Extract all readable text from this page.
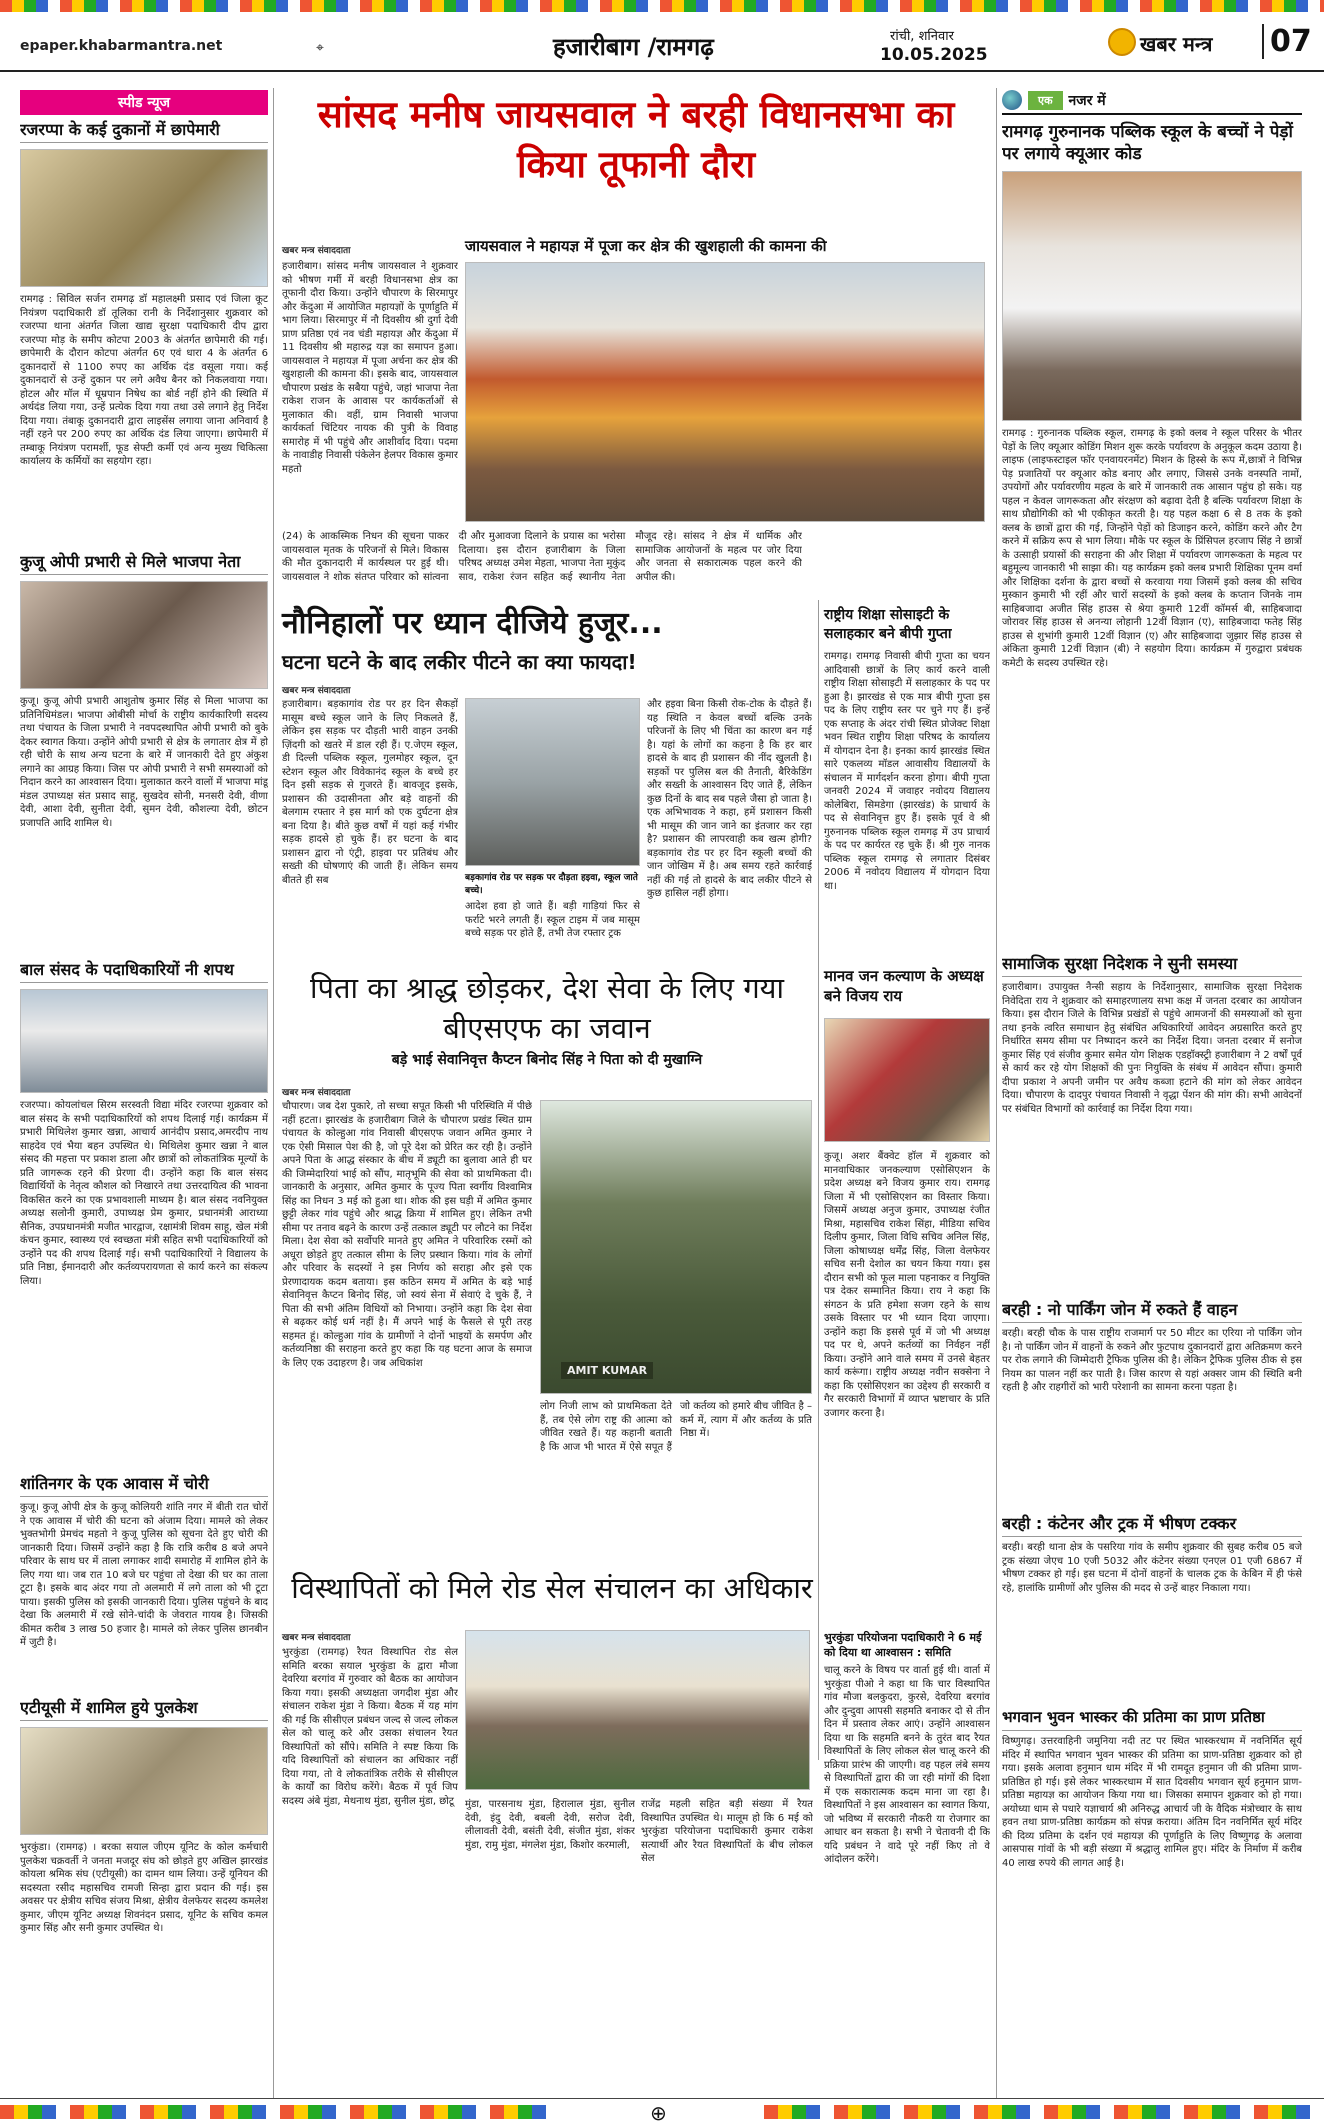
epaper.khabarmantra.net	⌖	हजारीबाग /रामगढ़	रांची, शनिवार
10.05.2025	खबर मन्त्र 07
स्पीड न्यूज
रजरप्पा के कई दुकानों में छापेमारी
रामगढ़ : सिविल सर्जन रामगढ़ डॉ महालक्ष्मी प्रसाद एवं जिला कूट नियंत्रण पदाधिकारी डॉ तूलिका रानी के निर्देशानुसार शुक्रवार को रजरप्पा थाना अंतर्गत जिला खाद्य सुरक्षा पदाधिकारी दीप द्वारा रजरप्पा मोड़ के समीप कोटपा 2003 के अंतर्गत छापेमारी की गई। छापेमारी के दौरान कोटपा अंतर्गत 6ए एवं धारा 4 के अंतर्गत 6 दुकानदारों से 1100 रुपए का अर्थिक दंड वसूला गया। कई दुकानदारों से उन्हें दुकान पर लगे अवैध बैनर को निकलवाया गया। होटल और मॉल में धूम्रपान निषेध का बोर्ड नहीं होने की स्थिति में अर्थदंड लिया गया, उन्हें प्रत्येक दिया गया तथा उसे लगाने हेतु निर्देश दिया गया। तंबाकू दुकानदारी द्वारा लाइसेंस लगाया जाना अनिवार्य है नहीं रहने पर 200 रुपए का अर्थिक दंड लिया जाएगा। छापेमारी में तम्बाकू नियंत्रण परामर्शी, फूड सेफ्टी कर्मी एवं अन्य मुख्य चिकित्सा कार्यालय के कर्मियों का सहयोग रहा।
कुजू ओपी प्रभारी से मिले भाजपा नेता
कुजू। कुजू ओपी प्रभारी आशुतोष कुमार सिंह से मिला भाजपा का प्रतिनिधिमंडल। भाजपा ओबीसी मोर्चा के राष्ट्रीय कार्यकारिणी सदस्य तथा पंचायत के जिला प्रभारी ने नवपदस्थापित ओपी प्रभारी को बुके देकर स्वागत किया। उन्होंने ओपी प्रभारी से क्षेत्र के लगातार क्षेत्र में हो रही चोरी के साथ अन्य घटना के बारे में जानकारी देते हुए अंकुश लगाने का आग्रह किया। जिस पर ओपी प्रभारी ने सभी समस्याओं को निदान करने का आश्वासन दिया। मुलाकात करने वालों में भाजपा मांडू मंडल उपाध्यक्ष संत प्रसाद साहू, सुखदेव सोनी, मनसरी देवी, वीणा देवी, आशा देवी, सुनीता देवी, सुमन देवी, कौशल्या देवी, छोटन प्रजापति आदि शामिल थे।
बाल संसद के पदाधिकारियों नी शपथ
रजरप्पा। कोयलांचल सिरम सरस्वती विद्या मंदिर रजरप्पा शुक्रवार को बाल संसद के सभी पदाधिकारियों को शपथ दिलाई गई। कार्यक्रम में प्रभारी मिथिलेश कुमार खन्ना, आचार्य आनंदीप प्रसाद,अमरदीप नाथ साहदेव एवं भैया बहन उपस्थित थे। मिथिलेश कुमार खन्ना ने बाल संसद की महत्ता पर प्रकाश डाला और छात्रों को लोकतांत्रिक मूल्यों के प्रति जागरूक रहने की प्रेरणा दी। उन्होंने कहा कि बाल संसद विद्यार्थियों के नेतृत्व कौशल को निखारने तथा उत्तरदायित्व की भावना विकसित करने का एक प्रभावशाली माध्यम है। बाल संसद नवनियुक्त अध्यक्ष सलोनी कुमारी, उपाध्यक्ष प्रेम कुमार, प्रधानमंत्री आराध्या सैनिक, उपप्रधानमंत्री मजीत भारद्वाज, रक्षामंत्री शिवम साहू, खेल मंत्री कंचन कुमार, स्वास्थ्य एवं स्वच्छता मंत्री सहित सभी पदाधिकारियों को उन्होंने पद की शपथ दिलाई गई। सभी पदाधिकारियों ने विद्यालय के प्रति निष्ठा, ईमानदारी और कर्तव्यपरायणता से कार्य करने का संकल्प लिया।
शांतिनगर के एक आवास में चोरी
कुजू। कुजू ओपी क्षेत्र के कुजू कोलियरी शांति नगर में बीती रात चोरों ने एक आवास में चोरी की घटना को अंजाम दिया। मामले को लेकर भुक्तभोगी प्रेमचंद महतो ने कुजू पुलिस को सूचना देते हुए चोरी की जानकारी दिया। जिसमें उन्होंने कहा है कि रात्रि करीब 8 बजे अपने परिवार के साथ घर में ताला लगाकर शादी समारोह में शामिल होने के लिए गया था। जब रात 10 बजे घर पहुंचा तो देखा की घर का ताला टूटा है। इसके बाद अंदर गया तो अलमारी में लगे ताला को भी टूटा पाया। इसकी पुलिस को इसकी जानकारी दिया। पुलिस पहुंचने के बाद देखा कि अलमारी में रखे सोने-चांदी के जेवरात गायब है। जिसकी कीमत करीब 3 लाख 50 हजार है। मामले को लेकर पुलिस छानबीन में जुटी है।
एटीयूसी में शामिल हुये पुलकेश
भुरकुंडा। (रामगढ़) । बरका सयाल जीएम यूनिट के कोल कर्मचारी पुलकेश चक्रवर्ती ने जनता मजदूर संघ को छोड़ते हुए अखिल झारखंड कोयला श्रमिक संघ (एटीयूसी) का दामन थाम लिया। उन्हें यूनियन की सदस्यता रसीद महासचिव रामजी सिन्हा द्वारा प्रदान की गई। इस अवसर पर क्षेत्रीय सचिव संजय मिश्रा, क्षेत्रीय वेलफेयर सदस्य कमलेश कुमार, जीएम यूनिट अध्यक्ष शिवनंदन प्रसाद, यूनिट के सचिव कमल कुमार सिंह और सनी कुमार उपस्थित थे।
सांसद मनीष जायसवाल ने बरही विधानसभा का किया तूफानी दौरा
जायसवाल ने महायज्ञ में पूजा कर क्षेत्र की खुशहाली की कामना की
खबर मन्त्र संवाददाता
हजारीबाग। सांसद मनीष जायसवाल ने शुक्रवार को भीषण गर्मी में बरही विधानसभा क्षेत्र का तूफानी दौरा किया। उन्होंने चौपारण के सिरमापुर और केंदुआ में आयोजित महायज्ञों के पूर्णाहुति में भाग लिया। सिरमापुर में नौ दिवसीय श्री दुर्गा देवी प्राण प्रतिष्ठा एवं नव चंडी महायज्ञ और केंदुआ में 11 दिवसीय श्री महारुद्र यज्ञ का समापन हुआ। जायसवाल ने महायज्ञ में पूजा अर्चना कर क्षेत्र की खुशहाली की कामना की। इसके बाद, जायसवाल चौपारण प्रखंड के सबैया पहुंचे, जहां भाजपा नेता राकेश राजन के आवास पर कार्यकर्ताओं से मुलाकात की। वहीं, ग्राम निवासी भाजपा कार्यकर्ता चिंटियर नायक की पुत्री के विवाह समारोह में भी पहुंचे और आशीर्वाद दिया। पदमा के नावाडीह निवासी पंकेलेन हेलपर विकास कुमार महतो
(24) के आकस्मिक निधन की सूचना पाकर जायसवाल मृतक के परिजनों से मिले। विकास की मौत दुकानदारी में कार्यस्थल पर हुई थी। जायसवाल ने शोक संतप्त परिवार को सांत्वना दी और मुआवजा दिलाने के प्रयास का भरोसा दिलाया। इस दौरान हजारीबाग के जिला परिषद अध्यक्ष उमेश मेहता, भाजपा नेता मुकुंद साव, राकेश रंजन सहित कई स्थानीय नेता मौजूद रहे। सांसद ने क्षेत्र में धार्मिक और सामाजिक आयोजनों के महत्व पर जोर दिया और जनता से सकारात्मक पहल करने की अपील की।
नौनिहालों पर ध्यान दीजिये हुजूर...
घटना घटने के बाद लकीर पीटने का क्या फायदा!
खबर मन्त्र संवाददाता
हजारीबाग। बड़कागांव रोड पर हर दिन सैकड़ों मासूम बच्चे स्कूल जाने के लिए निकलते हैं, लेकिन इस सड़क पर दौड़ती भारी वाहन उनकी ज़िंदगी को खतरे में डाल रही हैं। ए.जेएम स्कूल, डी दिल्ली पब्लिक स्कूल, गुलमोहर स्कूल, दून स्टेशन स्कूल और विवेकानंद स्कूल के बच्चे हर दिन इसी सड़क से गुजरते हैं। बावजूद इसके, प्रशासन की उदासीनता और बड़े वाहनों की बेलगाम रफ्तार ने इस मार्ग को एक दुर्घटना क्षेत्र बना दिया है। बीते कुछ वर्षों में यहां कई गंभीर सड़क हादसे हो चुके हैं। हर घटना के बाद प्रशासन द्वारा नो एंट्री, हाइवा पर प्रतिबंध और सख्ती की घोषणाएं की जाती हैं। लेकिन समय बीतते ही सब	बड़कागांव रोड पर सड़क पर दौड़ता हइवा, स्कूल जाते बच्चे।
आदेश हवा हो जाते हैं। बड़ी गाड़ियां फिर से फर्राटे भरने लगती हैं। स्कूल टाइम में जब मासूम बच्चे सड़क पर होते हैं, तभी तेज रफ्तार ट्रक
और हइवा बिना किसी रोक-टोक के दौड़ते हैं। यह स्थिति न केवल बच्चों बल्कि उनके परिजनों के लिए भी चिंता का कारण बन गई है। यहां के लोगों का कहना है कि हर बार हादसे के बाद ही प्रशासन की नींद खुलती है। सड़कों पर पुलिस बल की तैनाती, बैरिकेडिंग और सख्ती के आश्वासन दिए जाते हैं, लेकिन कुछ दिनों के बाद सब पहले जैसा हो जाता है। एक अभिभावक ने कहा, हमें प्रशासन किसी भी मासूम की जान जाने का इंतजार कर रहा है? प्रशासन की लापरवाही कब खत्म होगी? बड़कागांव रोड पर हर दिन स्कूली बच्चों की जान जोखिम में है। अब समय रहते कार्रवाई नहीं की गई तो हादसे के बाद लकीर पीटने से कुछ हासिल नहीं होगा।
पिता का श्राद्ध छोड़कर, देश सेवा के लिए गया बीएसएफ का जवान
बड़े भाई सेवानिवृत्त कैप्टन बिनोद सिंह ने पिता को दी मुखाग्नि
खबर मन्त्र संवाददाता
चौपारण। जब देश पुकारे, तो सच्चा सपूत किसी भी परिस्थिति में पीछे नहीं हटता। झारखंड के हजारीबाग जिले के चौपारण प्रखंड स्थित ग्राम पंचायत के कोल्हुआ गांव निवासी बीएसएफ जवान अमित कुमार ने एक ऐसी मिसाल पेश की है, जो पूरे देश को प्रेरित कर रही है। उन्होंने अपने पिता के आद्ध संस्कार के बीच में ड्यूटी का बुलावा आते ही घर की जिम्मेदारियां भाई को सौंप, मातृभूमि की सेवा को प्राथमिकता दी। जानकारी के अनुसार, अमित कुमार के पूज्य पिता स्वर्गीय विश्वामित्र सिंह का निधन 3 मई को हुआ था। शोक की इस घड़ी में अमित कुमार छुट्टी लेकर गांव पहुंचे और श्राद्ध क्रिया में शामिल हुए। लेकिन तभी सीमा पर तनाव बढ़ने के कारण उन्हें तत्काल ड्यूटी पर लौटने का निर्देश मिला। देश सेवा को सर्वोपरि मानते हुए अमित ने परिवारिक रस्मों को अधूरा छोड़ते हुए तत्काल सीमा के लिए प्रस्थान किया। गांव के लोगों और परिवार के सदस्यों ने इस निर्णय को सराहा और इसे एक प्रेरणादायक कदम बताया। इस कठिन समय में अमित के बड़े भाई सेवानिवृत्त कैप्टन बिनोद सिंह, जो स्वयं सेना में सेवाएं दे चुके हैं, ने पिता की सभी अंतिम विधियों को निभाया। उन्होंने कहा कि देश सेवा से बढ़कर कोई धर्म नहीं है। मैं अपने भाई के फैसले से पूरी तरह सहमत हूं। कोल्हुआ गांव के ग्रामीणों ने दोनों भाइयों के समर्पण और कर्तव्यनिष्ठा की सराहना करते हुए कहा कि यह घटना आज के समाज के लिए एक उदाहरण है। जब अधिकांश
AMIT KUMAR
लोग निजी लाभ को प्राथमिकता देते हैं, तब ऐसे लोग राष्ट्र की आत्मा को जीवित रखते हैं। यह कहानी बताती है कि आज भी भारत में ऐसे सपूत हैं जो कर्तव्य को हमारे बीच जीवित है – कर्म में, त्याग में और कर्तव्य के प्रति निष्ठा में।
राष्ट्रीय शिक्षा सोसाइटी के सलाहकार बने बीपी गुप्ता
रामगढ़। रामगढ़ निवासी बीपी गुप्ता का चयन आदिवासी छात्रों के लिए कार्य करने वाली राष्ट्रीय शिक्षा सोसाइटी में सलाहकार के पद पर हुआ है। झारखंड से एक मात्र बीपी गुप्ता इस पद के लिए राष्ट्रीय स्तर पर चुने गए हैं। इन्हें एक सप्ताह के अंदर रांची स्थित प्रोजेक्ट शिक्षा भवन स्थित राष्ट्रीय शिक्षा परिषद के कार्यालय में योगदान देना है। इनका कार्य झारखंड स्थित सारे एकलव्य मॉडल आवासीय विद्यालयों के संचालन में मार्गदर्शन करना होगा। बीपी गुप्ता जनवरी 2024 में जवाहर नवोदय विद्यालय कोलेबिरा, सिमडेगा (झारखंड) के प्राचार्य के पद से सेवानिवृत्त हुए हैं। इसके पूर्व वे श्री गुरुनानक पब्लिक स्कूल रामगढ़ में उप प्राचार्य के पद पर कार्यरत रह चुके हैं। श्री गुरु नानक पब्लिक स्कूल रामगढ़ से लगातार दिसंबर 2006 में नवोदय विद्यालय में योगदान दिया था।
मानव जन कल्याण के अध्यक्ष बने विजय राय
कुजू। अशर बैंक्वेट हॉल में शुक्रवार को मानवाधिकार जनकल्याण एसोसिएशन के प्रदेश अध्यक्ष बने विजय कुमार राय। रामगढ़ जिला में भी एसोसिएशन का विस्तार किया। जिसमें अध्यक्ष अनुज कुमार, उपाध्यक्ष रंजीत मिश्रा, महासचिव राकेश सिंहा, मीडिया सचिव दिलीप कुमार, जिला विधि सचिव अनिल सिंह, जिला कोषाध्यक्ष धर्मेंद्र सिंह, जिला वेलफेयर सचिव सनी देशोल का चयन किया गया। इस दौरान सभी को फूल माला पहनाकर व नियुक्ति पत्र देकर सम्मानित किया। राय ने कहा कि संगठन के प्रति हमेशा सजग रहने के साथ उसके विस्तार पर भी ध्यान दिया जाएगा। उन्होंने कहा कि इससे पूर्व में जो भी अध्यक्ष पद पर थे, अपने कर्तव्यों का निर्वहन नहीं किया। उन्होंने आने वाले समय में उनसे बेहतर कार्य करूंगा। राष्ट्रीय अध्यक्ष नवीन सक्सेना ने कहा कि एसोसिएशन का उद्देश्य ही सरकारी व गैर सरकारी विभागों में व्याप्त भ्रष्टाचार के प्रति उजागर करना है।
विस्थापितों को मिले रोड सेल संचालन का अधिकार
खबर मन्त्र संवाददाता
भुरकुंडा (रामगढ़) रैयत विस्थापित रोड सेल समिति बरका सयाल भुरकुंडा के द्वारा मौजा देवरिया बरगांव में गुरुवार को बैठक का आयोजन किया गया। इसकी अध्यक्षता जगदीश मुंडा और संचालन राकेश मुंडा ने किया। बैठक में यह मांग की गई कि सीसीएल प्रबंधन जल्द से जल्द लोकल सेल को चालू करे और उसका संचालन रैयत विस्थापितों को सौंपे। समिति ने स्पष्ट किया कि यदि विस्थापितों को संचालन का अधिकार नहीं दिया गया, तो वे लोकतांत्रिक तरीके से सीसीएल के कार्यों का विरोध करेंगे। बैठक में पूर्व जिप सदस्य अंबे मुंडा, मेथनाथ मुंडा, सुनील मुंडा, छोटू	मुंडा, पारसनाथ मुंडा, हिरालाल मुंडा, सुनील देवी, इंदु देवी, बबली देवी, सरोज देवी, लीलावती देवी, बसंती देवी, संजीत मुंडा, शंकर मुंडा, रामु मुंडा, मंगलेश मुंडा, किशोर करमाली,
राजेंद्र महली सहित बड़ी संख्या में रैयत विस्थापित उपस्थित थे। मालूम हो कि 6 मई को भुरकुंडा परियोजना पदाधिकारी कुमार राकेश सत्यार्थी और रैयत विस्थापितों के बीच लोकल सेल
भुरकुंडा परियोजना पदाधिकारी ने 6 मई को दिया था आश्वासन : समिति
चालू करने के विषय पर वार्ता हुई थी। वार्ता में भुरकुंडा पीओ ने कहा था कि चार विस्थापित गांव मौजा बलकुदरा, कुरसे, देवरिया बरगांव और दुन्दुवा आपसी सहमति बनाकर दो से तीन दिन में प्रस्ताव लेकर आएं। उन्होंने आश्वासन दिया था कि सहमति बनने के तुरंत बाद रैयत विस्थापितों के लिए लोकल सेल चालू करने की प्रक्रिया प्रारंभ की जाएगी। वह पहल लंबे समय से विस्थापितों द्वारा की जा रही मांगों की दिशा में एक सकारात्मक कदम माना जा रहा है। विस्थापितों ने इस आश्वासन का स्वागत किया, जो भविष्य में सरकारी नौकरी या रोजगार का आधार बन सकता है। सभी ने चेतावनी दी कि यदि प्रबंधन ने वादे पूरे नहीं किए तो वे आंदोलन करेंगे।
एक	नजर में
रामगढ़ गुरुनानक पब्लिक स्कूल के बच्चों ने पेड़ों पर लगाये क्यूआर कोड
रामगढ़ : गुरुनानक पब्लिक स्कूल, रामगढ़ के इको क्लब ने स्कूल परिसर के भीतर पेड़ों के लिए क्यूआर कोडिंग मिशन शुरू करके पर्यावरण के अनुकूल कदम उठाया है। लाइफ (लाइफस्टाइल फॉर एनवायरनमेंट) मिशन के हिस्से के रूप में,छात्रों ने विभिन्न पेड़ प्रजातियों पर क्यूआर कोड बनाए और लगाए, जिससे उनके वनस्पति नामों, उपयोगों और पर्यावरणीय महत्व के बारे में जानकारी तक आसान पहुंच हो सके। यह पहल न केवल जागरूकता और संरक्षण को बढ़ावा देती है बल्कि पर्यावरण शिक्षा के साथ प्रौद्योगिकी को भी एकीकृत करती है। यह पहल कक्षा 6 से 8 तक के इको क्लब के छात्रों द्वारा की गई, जिन्होंने पेड़ों को डिजाइन करने, कोडिंग करने और टैग करने में सक्रिय रूप से भाग लिया। मौके पर स्कूल के प्रिंसिपल हरजाप सिंह ने छात्रों के उत्साही प्रयासों की सराहना की और शिक्षा में पर्यावरण जागरूकता के महत्व पर बहुमूल्य जानकारी भी साझा की। यह कार्यक्रम इको क्लब प्रभारी शिक्षिका पूनम वर्मा और शिक्षिका दर्शना के द्वारा बच्चों से करवाया गया जिसमें इको क्लब की सचिव मुस्कान कुमारी भी रहीं और चारों सदस्यों के इको क्लब के कप्तान जिनके नाम साहिबजादा अजीत सिंह हाउस से श्रेया कुमारी 12वीं कॉमर्स बी, साहिबजादा जोरावर सिंह हाउस से अनन्या लोहानी 12वीं विज्ञान (ए), साहिबजादा फतेह सिंह हाउस से शुभांगी कुमारी 12वीं विज्ञान (ए) और साहिबजादा जुझार सिंह हाउस से अंकिता कुमारी 12वीं विज्ञान (बी) ने सहयोग दिया। कार्यक्रम में गुरुद्वारा प्रबंधक कमेटी के सदस्य उपस्थित रहे।
सामाजिक सुरक्षा निदेशक ने सुनी समस्या
हजारीबाग। उपायुक्त नैन्सी सहाय के निर्देशानुसार, सामाजिक सुरक्षा निदेशक निवेदिता राय ने शुक्रवार को समाहरणालय सभा कक्ष में जनता दरबार का आयोजन किया। इस दौरान जिले के विभिन्न प्रखंडों से पहुंचे आमजनों की समस्याओं को सुना तथा इनके त्वरित समाधान हेतु संबंधित अधिकारियों आवेदन अग्रसारित करते हुए निर्धारित समय सीमा पर निष्पादन करने का निर्देश दिया। जनता दरबार में सनोज कुमार सिंह एवं संजीव कुमार समेत योग शिक्षक एडहॉक्स्ट्री हजारीबाग ने 2 वर्षों पूर्व से कार्य कर रहे योग शिक्षकों की पुनः नियुक्ति के संबंध में आवेदन सौंपा। कुमारी दीपा प्रकाश ने अपनी जमीन पर अवैध कब्जा हटाने की मांग को लेकर आवेदन दिया। चौपारण के दादपुर पंचायत निवासी ने वृद्धा पेंशन की मांग की। सभी आवेदनों पर संबंधित विभागों को कार्रवाई का निर्देश दिया गया।
बरही : नो पार्किंग जोन में रुकते हैं वाहन
बरही। बरही चौक के पास राष्ट्रीय राजमार्ग पर 50 मीटर का एरिया नो पार्किंग जोन है। नो पार्किंग जोन में वाहनों के रुकने और फुटपाथ दुकानदारों द्वारा अतिक्रमण करने पर रोक लगाने की जिम्मेदारी ट्रैफिक पुलिस की है। लेकिन ट्रैफिक पुलिस ठीक से इस नियम का पालन नहीं कर पाती है। जिस कारण से यहां अक्सर जाम की स्थिति बनी रहती है और राहगीरों को भारी परेशानी का सामना करना पड़ता है।
बरही : कंटेनर और ट्रक में भीषण टक्कर
बरही। बरही थाना क्षेत्र के पसरिया गांव के समीप शुक्रवार की सुबह करीब 05 बजे ट्रक संख्या जेएच 10 एजी 5032 और कंटेनर संख्या एनएल 01 एजी 6867 में भीषण टक्कर हो गई। इस घटना में दोनों वाहनों के चालक ट्रक के केबिन में ही फंसे रहे, हालांकि ग्रामीणों और पुलिस की मदद से उन्हें बाहर निकाला गया।
भगवान भुवन भास्कर की प्रतिमा का प्राण प्रतिष्ठा
विष्णुगढ़। उत्तरवाहिनी जमुनिया नदी तट पर स्थित भास्करधाम में नवनिर्मित सूर्य मंदिर में स्थापित भगवान भुवन भास्कर की प्रतिमा का प्राण-प्रतिष्ठा शुक्रवार को हो गया। इसके अलावा हनुमान धाम मंदिर में भी रामदूत हनुमान जी की प्रतिमा प्राण-प्रतिष्ठित हो गई। इसे लेकर भास्करधाम में सात दिवसीय भगवान सूर्य हनुमान प्राण-प्रतिष्ठा महायज्ञ का आयोजन किया गया था। जिसका समापन शुक्रवार को हो गया। अयोध्या धाम से पधारे यज्ञाचार्य श्री अनिरुद्ध आचार्य जी के वैदिक मंत्रोच्चार के साथ हवन तथा प्राण-प्रतिष्ठा कार्यक्रम को संपन्न कराया। अंतिम दिन नवनिर्मित सूर्य मंदिर की दिव्य प्रतिमा के दर्शन एवं महायज्ञ की पूर्णाहुति के लिए विष्णुगढ़ के अलावा आसपास गांवों के भी बड़ी संख्या में श्रद्धालु शामिल हुए। मंदिर के निर्माण में करीब 40 लाख रुपये की लागत आई है।
⊕
